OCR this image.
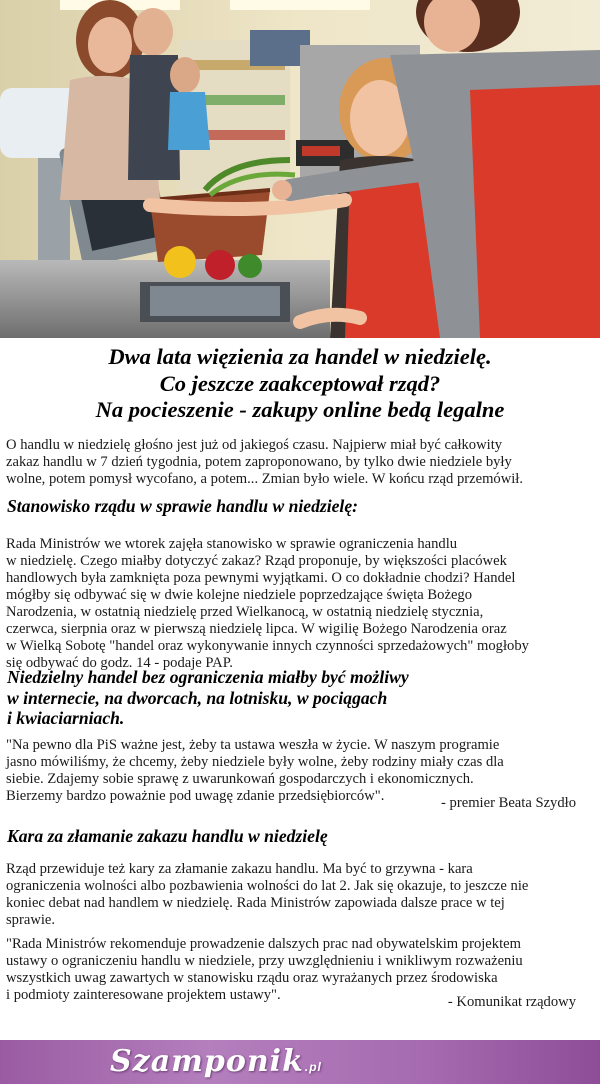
Dwa lata więzienia za handel w niedzielę.
Co jeszcze zaakceptował rząd?
Na pocieszenie - zakupy online bedą legalne
O handlu w niedzielę głośno jest już od jakiegoś czasu. Najpierw miał być całkowity
zakaz handlu w 7 dzień tygodnia, potem zaproponowano, by tylko dwie niedziele były
wolne, potem pomysł wycofano, a potem... Zmian było wiele. W końcu rząd przemówił.
Stanowisko rządu w sprawie handlu w niedzielę:
Rada Ministrów we wtorek zajęła stanowisko w sprawie ograniczenia handlu
w niedzielę. Czego miałby dotyczyć zakaz? Rząd proponuje, by większości placówek
handlowych była zamknięta poza pewnymi wyjątkami. O co dokładnie chodzi? Handel
mógłby się odbywać się w dwie kolejne niedziele poprzedzające święta Bożego
Narodzenia, w ostatnią niedzielę przed Wielkanocą, w ostatnią niedzielę stycznia,
czerwca, sierpnia oraz w pierwszą niedzielę lipca. W wigilię Bożego Narodzenia oraz
w Wielką Sobotę "handel oraz wykonywanie innych czynności sprzedażowych" mogłoby
się odbywać do godz. 14 - podaje PAP.
Niedzielny handel bez ograniczenia miałby być możliwy
w internecie, na dworcach, na lotnisku, w pociągach
i kwiaciarniach.
"Na pewno dla PiS ważne jest, żeby ta ustawa weszła w życie. W naszym programie
jasno mówiliśmy, że chcemy, żeby niedziele były wolne, żeby rodziny miały czas dla
siebie. Zdajemy sobie sprawę z uwarunkowań gospodarczych i ekonomicznych.
Bierzemy bardzo poważnie pod uwagę zdanie przedsiębiorców".	- premier Beata Szydło
Kara za złamanie zakazu handlu w niedzielę
Rząd przewiduje też kary za złamanie zakazu handlu. Ma być to grzywna - kara
ograniczenia wolności albo pozbawienia wolności do lat 2. Jak się okazuje, to jeszcze nie
koniec debat nad handlem w niedzielę. Rada Ministrów zapowiada dalsze prace w tej
sprawie.
"Rada Ministrów rekomenduje prowadzenie dalszych prac nad obywatelskim projektem
ustawy o ograniczeniu handlu w niedziele, przy uwzględnieniu i wnikliwym rozważeniu
wszystkich uwag zawartych w stanowisku rządu oraz wyrażanych przez środowiska
i podmioty zainteresowane projektem ustawy".	- Komunikat rządowy
Szamponik.pl
